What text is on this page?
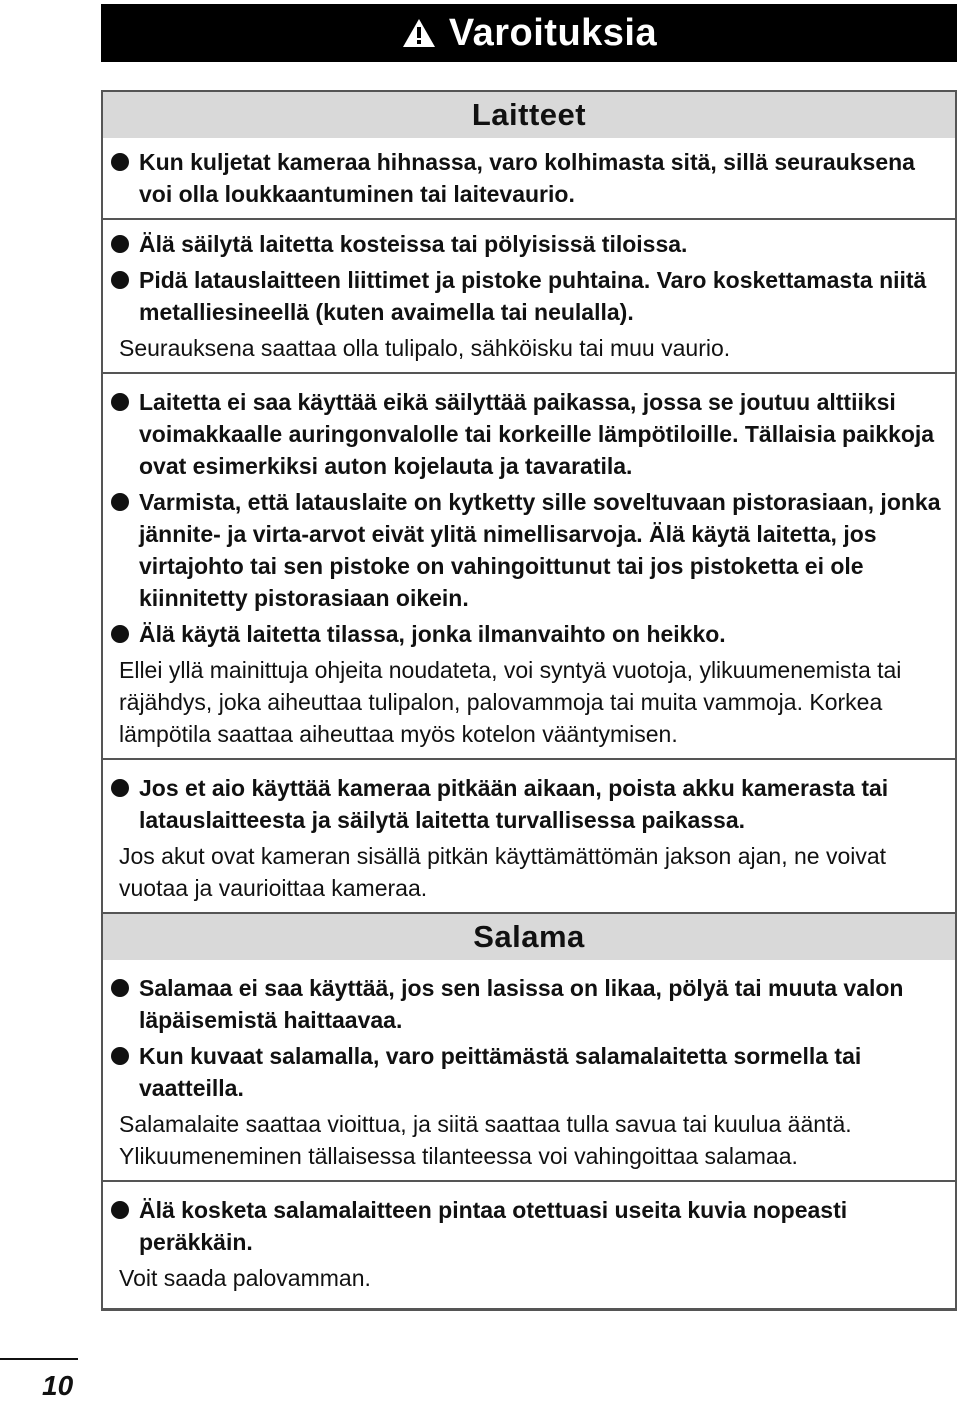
Varoituksia
Laitteet
Kun kuljetat kameraa hihnassa, varo kolhimasta sitä, sillä seurauksena voi olla loukkaantuminen tai laitevaurio.
Älä säilytä laitetta kosteissa tai pölyisissä tiloissa.
Pidä latauslaitteen liittimet ja pistoke puhtaina. Varo koskettamasta niitä metalliesineellä (kuten avaimella tai neulalla).
Seurauksena saattaa olla tulipalo, sähköisku tai muu vaurio.
Laitetta ei saa käyttää eikä säilyttää paikassa, jossa se joutuu alttiiksi voimakkaalle auringonvalolle tai korkeille lämpötiloille. Tällaisia paikkoja ovat esimerkiksi auton kojelauta ja tavaratila.
Varmista, että latauslaite on kytketty sille soveltuvaan pistorasiaan, jonka jännite- ja virta-arvot eivät ylitä nimellisarvoja. Älä käytä laitetta, jos virtajohto tai sen pistoke on vahingoittunut tai jos pistoketta ei ole kiinnitetty pistorasiaan oikein.
Älä käytä laitetta tilassa, jonka ilmanvaihto on heikko.
Ellei yllä mainittuja ohjeita noudateta, voi syntyä vuotoja, ylikuumenemista tai räjähdys, joka aiheuttaa tulipalon, palovammoja tai muita vammoja. Korkea lämpötila saattaa aiheuttaa myös kotelon vääntymisen.
Jos et aio käyttää kameraa pitkään aikaan, poista akku kamerasta tai latauslaitteesta ja säilytä laitetta turvallisessa paikassa.
Jos akut ovat kameran sisällä pitkän käyttämättömän jakson ajan, ne voivat vuotaa ja vaurioittaa kameraa.
Salama
Salamaa ei saa käyttää, jos sen lasissa on likaa, pölyä tai muuta valon läpäisemistä haittaavaa.
Kun kuvaat salamalla, varo peittämästä salamalaitetta sormella tai vaatteilla.
Salamalaite saattaa vioittua, ja siitä saattaa tulla savua tai kuulua ääntä. Ylikuumeneminen tällaisessa tilanteessa voi vahingoittaa salamaa.
Älä kosketa salamalaitteen pintaa otettuasi useita kuvia nopeasti peräkkäin.
Voit saada palovamman.
10
